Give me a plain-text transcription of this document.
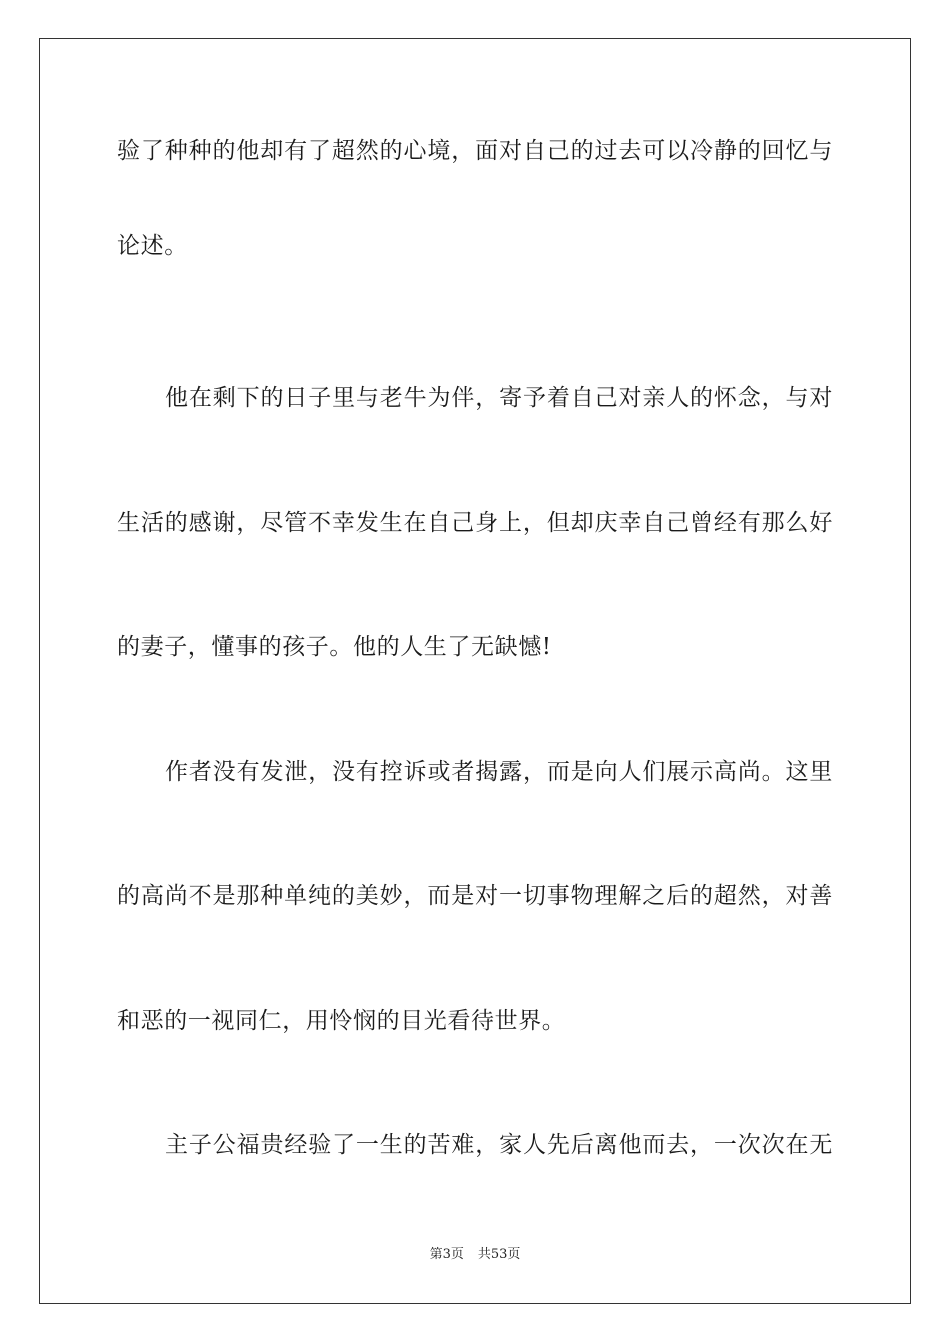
验了种种的他却有了超然的心境，面对自己的过去可以冷静的回忆与
论述。
他在剩下的日子里与老牛为伴，寄予着自己对亲人的怀念，与对
生活的感谢，尽管不幸发生在自己身上，但却庆幸自己曾经有那么好
的妻子，懂事的孩子。他的人生了无缺憾!
作者没有发泄，没有控诉或者揭露，而是向人们展示高尚。这里
的高尚不是那种单纯的美妙，而是对一切事物理解之后的超然，对善
和恶的一视同仁，用怜悯的目光看待世界。
主子公福贵经验了一生的苦难，家人先后离他而去，一次次在无
第3页 共53页
